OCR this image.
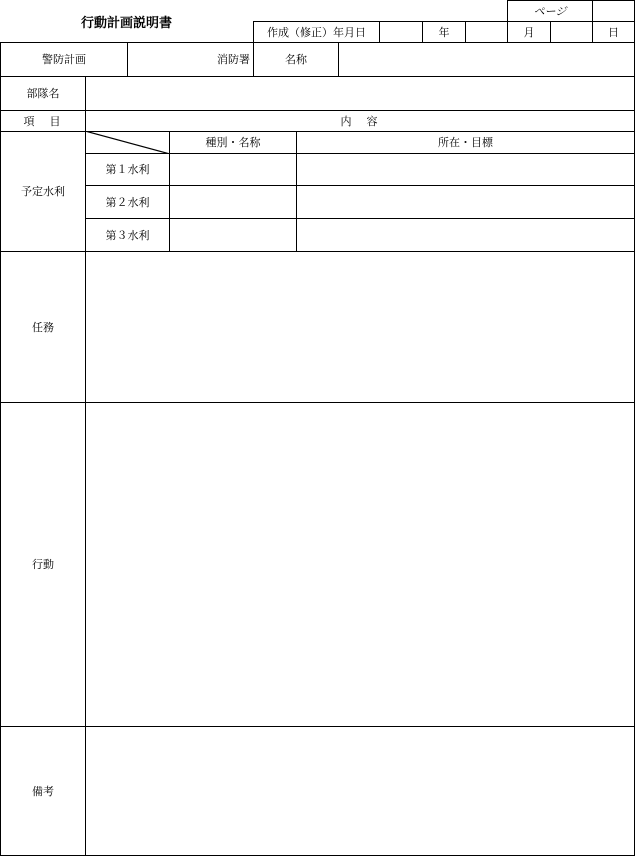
行動計画説明書
ページ
作成（修正）年月日	年	月	日
警防計画	消防署	名称
部隊名
項　目	内　容
予定水利
種別・名称	所在・目標
第１水利
第２水利
第３水利
任務
行動
備考
